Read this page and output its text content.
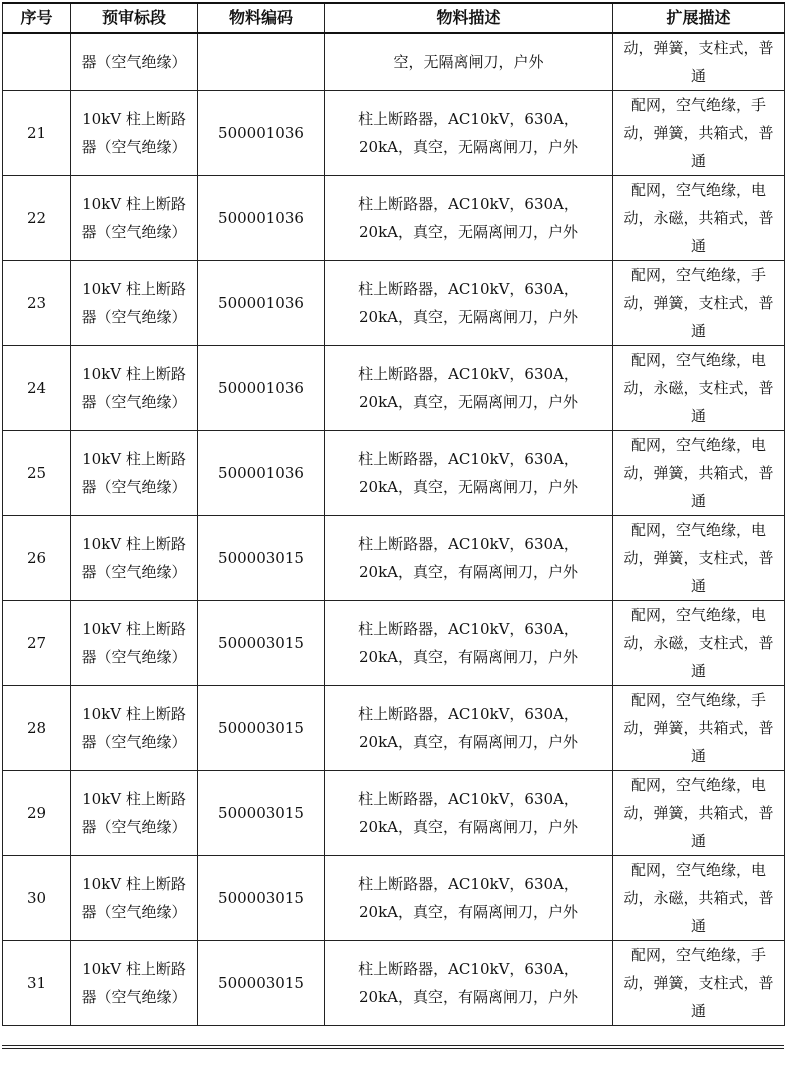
序号	预审标段	物料编码	物料描述	扩展描述
	器（空气绝缘）		空，无隔离闸刀，户外	动，弹簧，支柱式，普通
21	10kV 柱上断路器（空气绝缘）	500001036	柱上断路器，AC10kV，630A，20kA，真空，无隔离闸刀，户外	配网，空气绝缘，手动，弹簧，共箱式，普通
22	10kV 柱上断路器（空气绝缘）	500001036	柱上断路器，AC10kV，630A，20kA，真空，无隔离闸刀，户外	配网，空气绝缘，电动，永磁，共箱式，普通
23	10kV 柱上断路器（空气绝缘）	500001036	柱上断路器，AC10kV，630A，20kA，真空，无隔离闸刀，户外	配网，空气绝缘，手动，弹簧，支柱式，普通
24	10kV 柱上断路器（空气绝缘）	500001036	柱上断路器，AC10kV，630A，20kA，真空，无隔离闸刀，户外	配网，空气绝缘，电动，永磁，支柱式，普通
25	10kV 柱上断路器（空气绝缘）	500001036	柱上断路器，AC10kV，630A，20kA，真空，无隔离闸刀，户外	配网，空气绝缘，电动，弹簧，共箱式，普通
26	10kV 柱上断路器（空气绝缘）	500003015	柱上断路器，AC10kV，630A，20kA，真空，有隔离闸刀，户外	配网，空气绝缘，电动，弹簧，支柱式，普通
27	10kV 柱上断路器（空气绝缘）	500003015	柱上断路器，AC10kV，630A，20kA，真空，有隔离闸刀，户外	配网，空气绝缘，电动，永磁，支柱式，普通
28	10kV 柱上断路器（空气绝缘）	500003015	柱上断路器，AC10kV，630A，20kA，真空，有隔离闸刀，户外	配网，空气绝缘，手动，弹簧，共箱式，普通
29	10kV 柱上断路器（空气绝缘）	500003015	柱上断路器，AC10kV，630A，20kA，真空，有隔离闸刀，户外	配网，空气绝缘，电动，弹簧，共箱式，普通
30	10kV 柱上断路器（空气绝缘）	500003015	柱上断路器，AC10kV，630A，20kA，真空，有隔离闸刀，户外	配网，空气绝缘，电动，永磁，共箱式，普通
31	10kV 柱上断路器（空气绝缘）	500003015	柱上断路器，AC10kV，630A，20kA，真空，有隔离闸刀，户外	配网，空气绝缘，手动，弹簧，支柱式，普通
